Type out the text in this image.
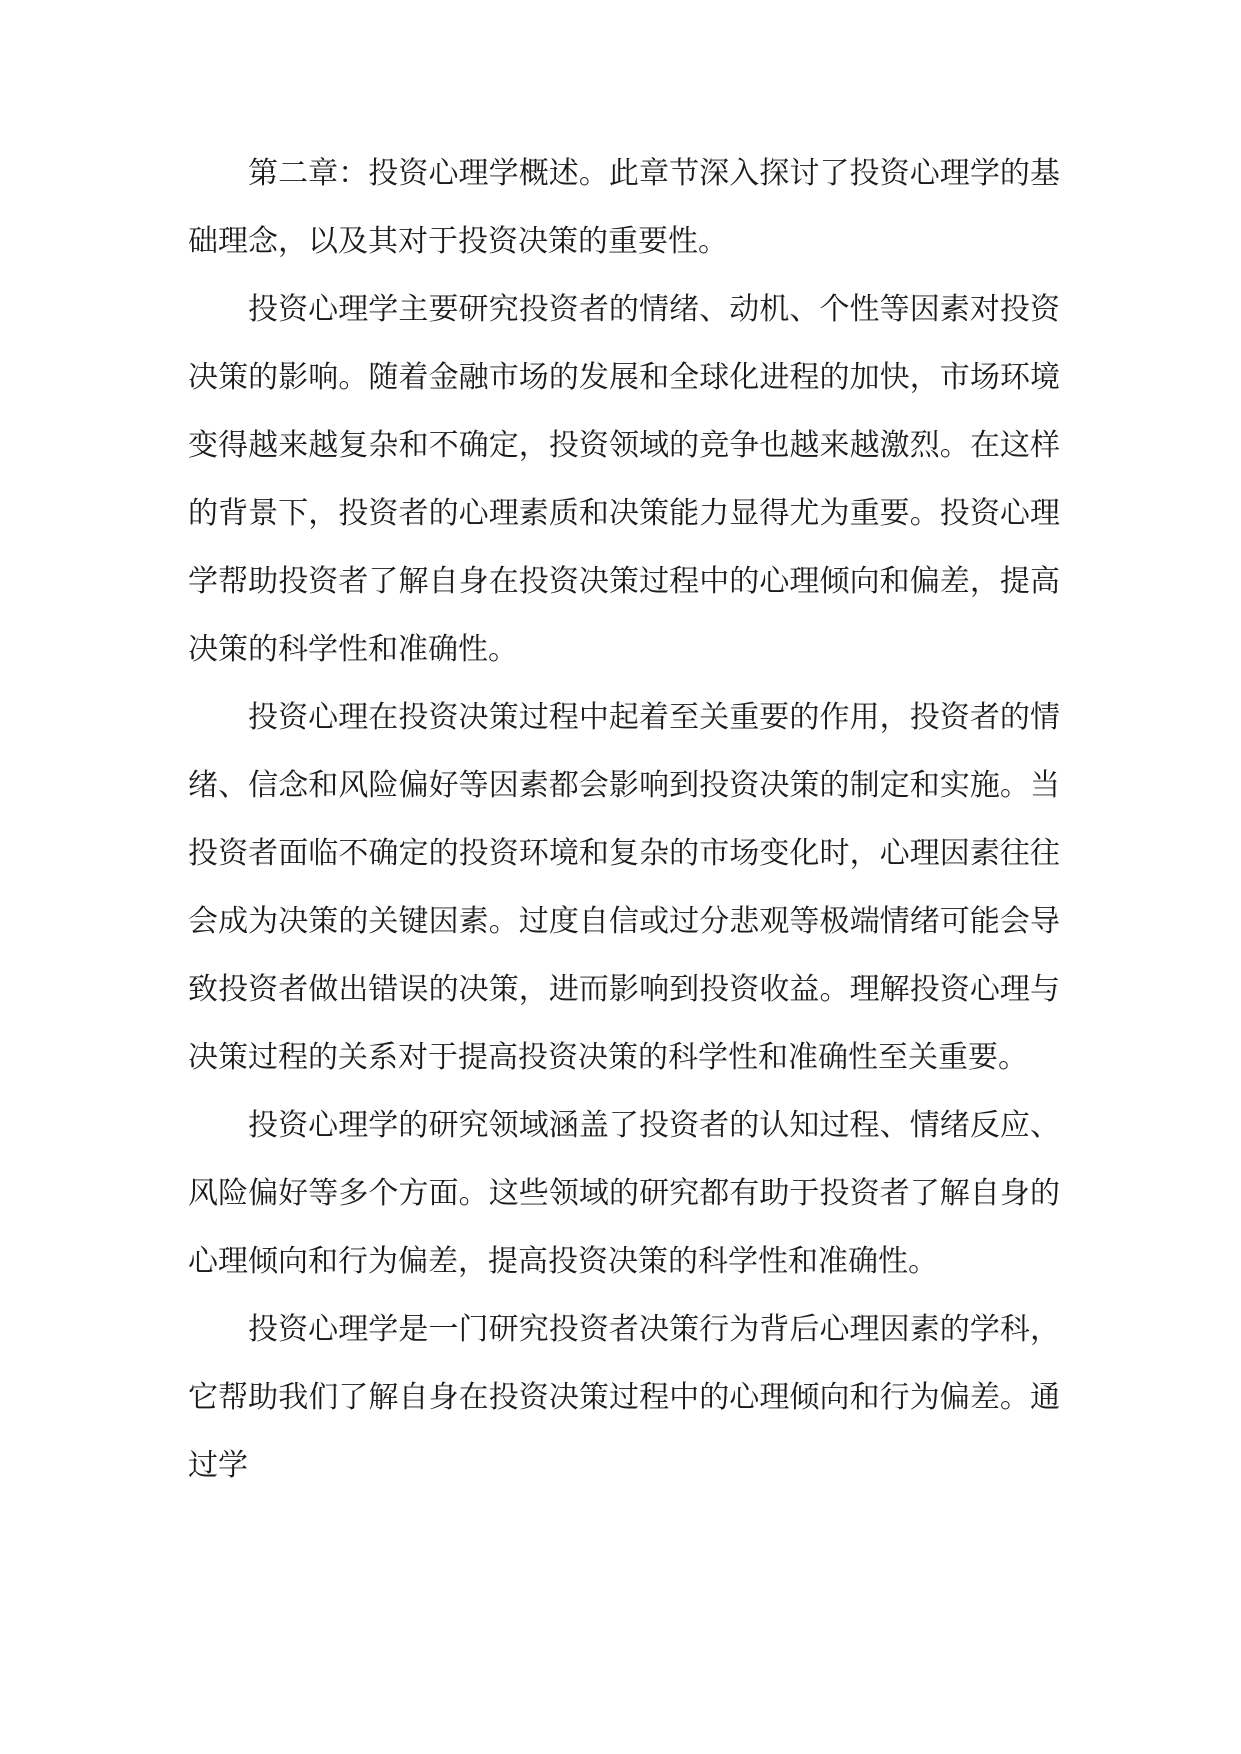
第二章：投资心理学概述。此章节深入探讨了投资心理学的基础理念，以及其对于投资决策的重要性。

投资心理学主要研究投资者的情绪、动机、个性等因素对投资决策的影响。随着金融市场的发展和全球化进程的加快，市场环境变得越来越复杂和不确定，投资领域的竞争也越来越激烈。在这样的背景下，投资者的心理素质和决策能力显得尤为重要。投资心理学帮助投资者了解自身在投资决策过程中的心理倾向和偏差，提高决策的科学性和准确性。

投资心理在投资决策过程中起着至关重要的作用，投资者的情绪、信念和风险偏好等因素都会影响到投资决策的制定和实施。当投资者面临不确定的投资环境和复杂的市场变化时，心理因素往往会成为决策的关键因素。过度自信或过分悲观等极端情绪可能会导致投资者做出错误的决策，进而影响到投资收益。理解投资心理与决策过程的关系对于提高投资决策的科学性和准确性至关重要。

投资心理学的研究领域涵盖了投资者的认知过程、情绪反应、风险偏好等多个方面。这些领域的研究都有助于投资者了解自身的心理倾向和行为偏差，提高投资决策的科学性和准确性。

投资心理学是一门研究投资者决策行为背后心理因素的学科，它帮助我们了解自身在投资决策过程中的心理倾向和行为偏差。通过学
